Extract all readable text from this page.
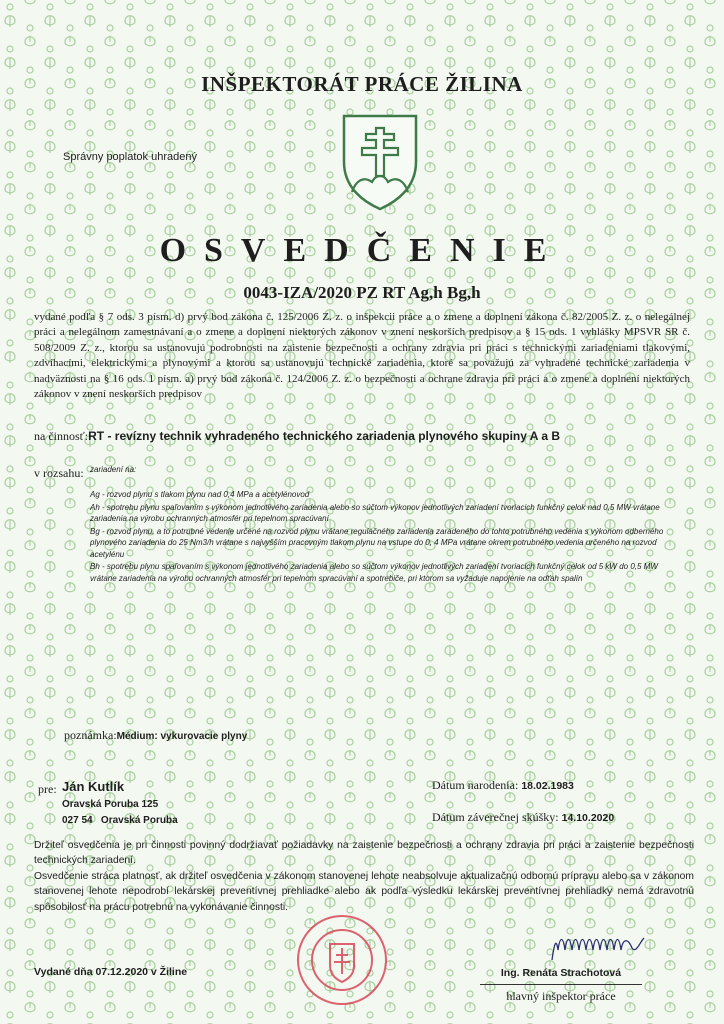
INŠPEKTORÁT PRÁCE ŽILINA
Správny poplatok uhradený
OSVEDČENIE
0043-IZA/2020 PZ RT Ag,h Bg,h
vydané podľa § 7 ods. 3 písm. d) prvý bod zákona č. 125/2006 Z. z. o inšpekcii práce a o zmene a doplnení zákona č. 82/2005 Z. z. o nelegálnej práci a nelegálnom zamestnávaní a o zmene a doplnení niektorých zákonov v znení neskorších predpisov a § 15 ods. 1 vyhlášky MPSVR SR č. 508/2009 Z. z., ktorou sa ustanovujú podrobnosti na zaistenie bezpečnosti a ochrany zdravia pri práci s technickými zariadeniami tlakovými, zdvíhacími, elektrickými a plynovými a ktorou sa ustanovujú technické zariadenia, ktoré sa považujú za vyhradené technické zariadenia v nadväznosti na § 16 ods. 1 písm. a) prvý bod zákona č. 124/2006 Z. z. o bezpečnosti a ochrane zdravia pri práci a o zmene a doplnení niektorých zákonov v znení neskorších predpisov
na činnosť:RT - revízny technik vyhradeného technického zariadenia plynového skupiny A a B
v rozsahu: zariadení na:
Ag - rozvod plynu s tlakom plynu nad 0,4 MPa a acetylénovod
Ah - spotrebu plynu spaľovaním s výkonom jednotlivého zariadenia alebo so súčtom výkonov jednotlivých zariadení tvoriacich funkčný celok nad 0,5 MW vrátane zariadenia na výrobu ochranných atmosfér pri tepelnom spracúvaní
Bg - rozvod plynu, a to potrubné vedenie určené na rozvod plynu vrátane regulačného zariadenia zaradeného do tohto potrubného vedenia s výkonom odberného plynového zariadenia do 25 Nm3/h vrátane s najvyšším pracovným tlakom plynu na vstupe do 0, 4 MPa vrátane okrem potrubného vedenia určeného na rozvod acetylénu
Bh - spotrebu plynu spaľovaním s výkonom jednotlivého zariadenia alebo so súčtom výkonov jednotlivých zariadení tvoriacich funkčný celok od 5 kW do 0,5 MW vrátane zariadenia na výrobu ochranných atmosfér pri tepelnom spracúvaní a spotrebiče, pri ktorom sa vyžaduje napojenie na odťah spalín
poznámka:Médium: vykurovacie plyny
pre: Ján Kutlík
Oravská Poruba 125
027 54   Oravská Poruba
Dátum narodenia: 18.02.1983
Dátum záverečnej skúšky: 14.10.2020

Držiteľ osvedčenia je pri činnosti povinný dodržiavať požiadavky na zaistenie bezpečnosti a ochrany zdravia pri práci a zaistenie bezpečnosti technických zariadení.

Osvedčenie stráca platnosť, ak držiteľ osvedčenia v zákonom stanovenej lehote neabsolvuje aktualizačnú odbornú prípravu alebo sa v zákonom stanovenej lehote nepodrobí lekárskej preventívnej prehliadke alebo ak podľa výsledku lekárskej preventívnej prehliadky nemá zdravotnú spôsobilosť na prácu potrebnú na vykonávanie činnosti.

Vydané dňa 07.12.2020 v Žiline	Ing. Renáta Strachotová
hlavný inšpektor práce
